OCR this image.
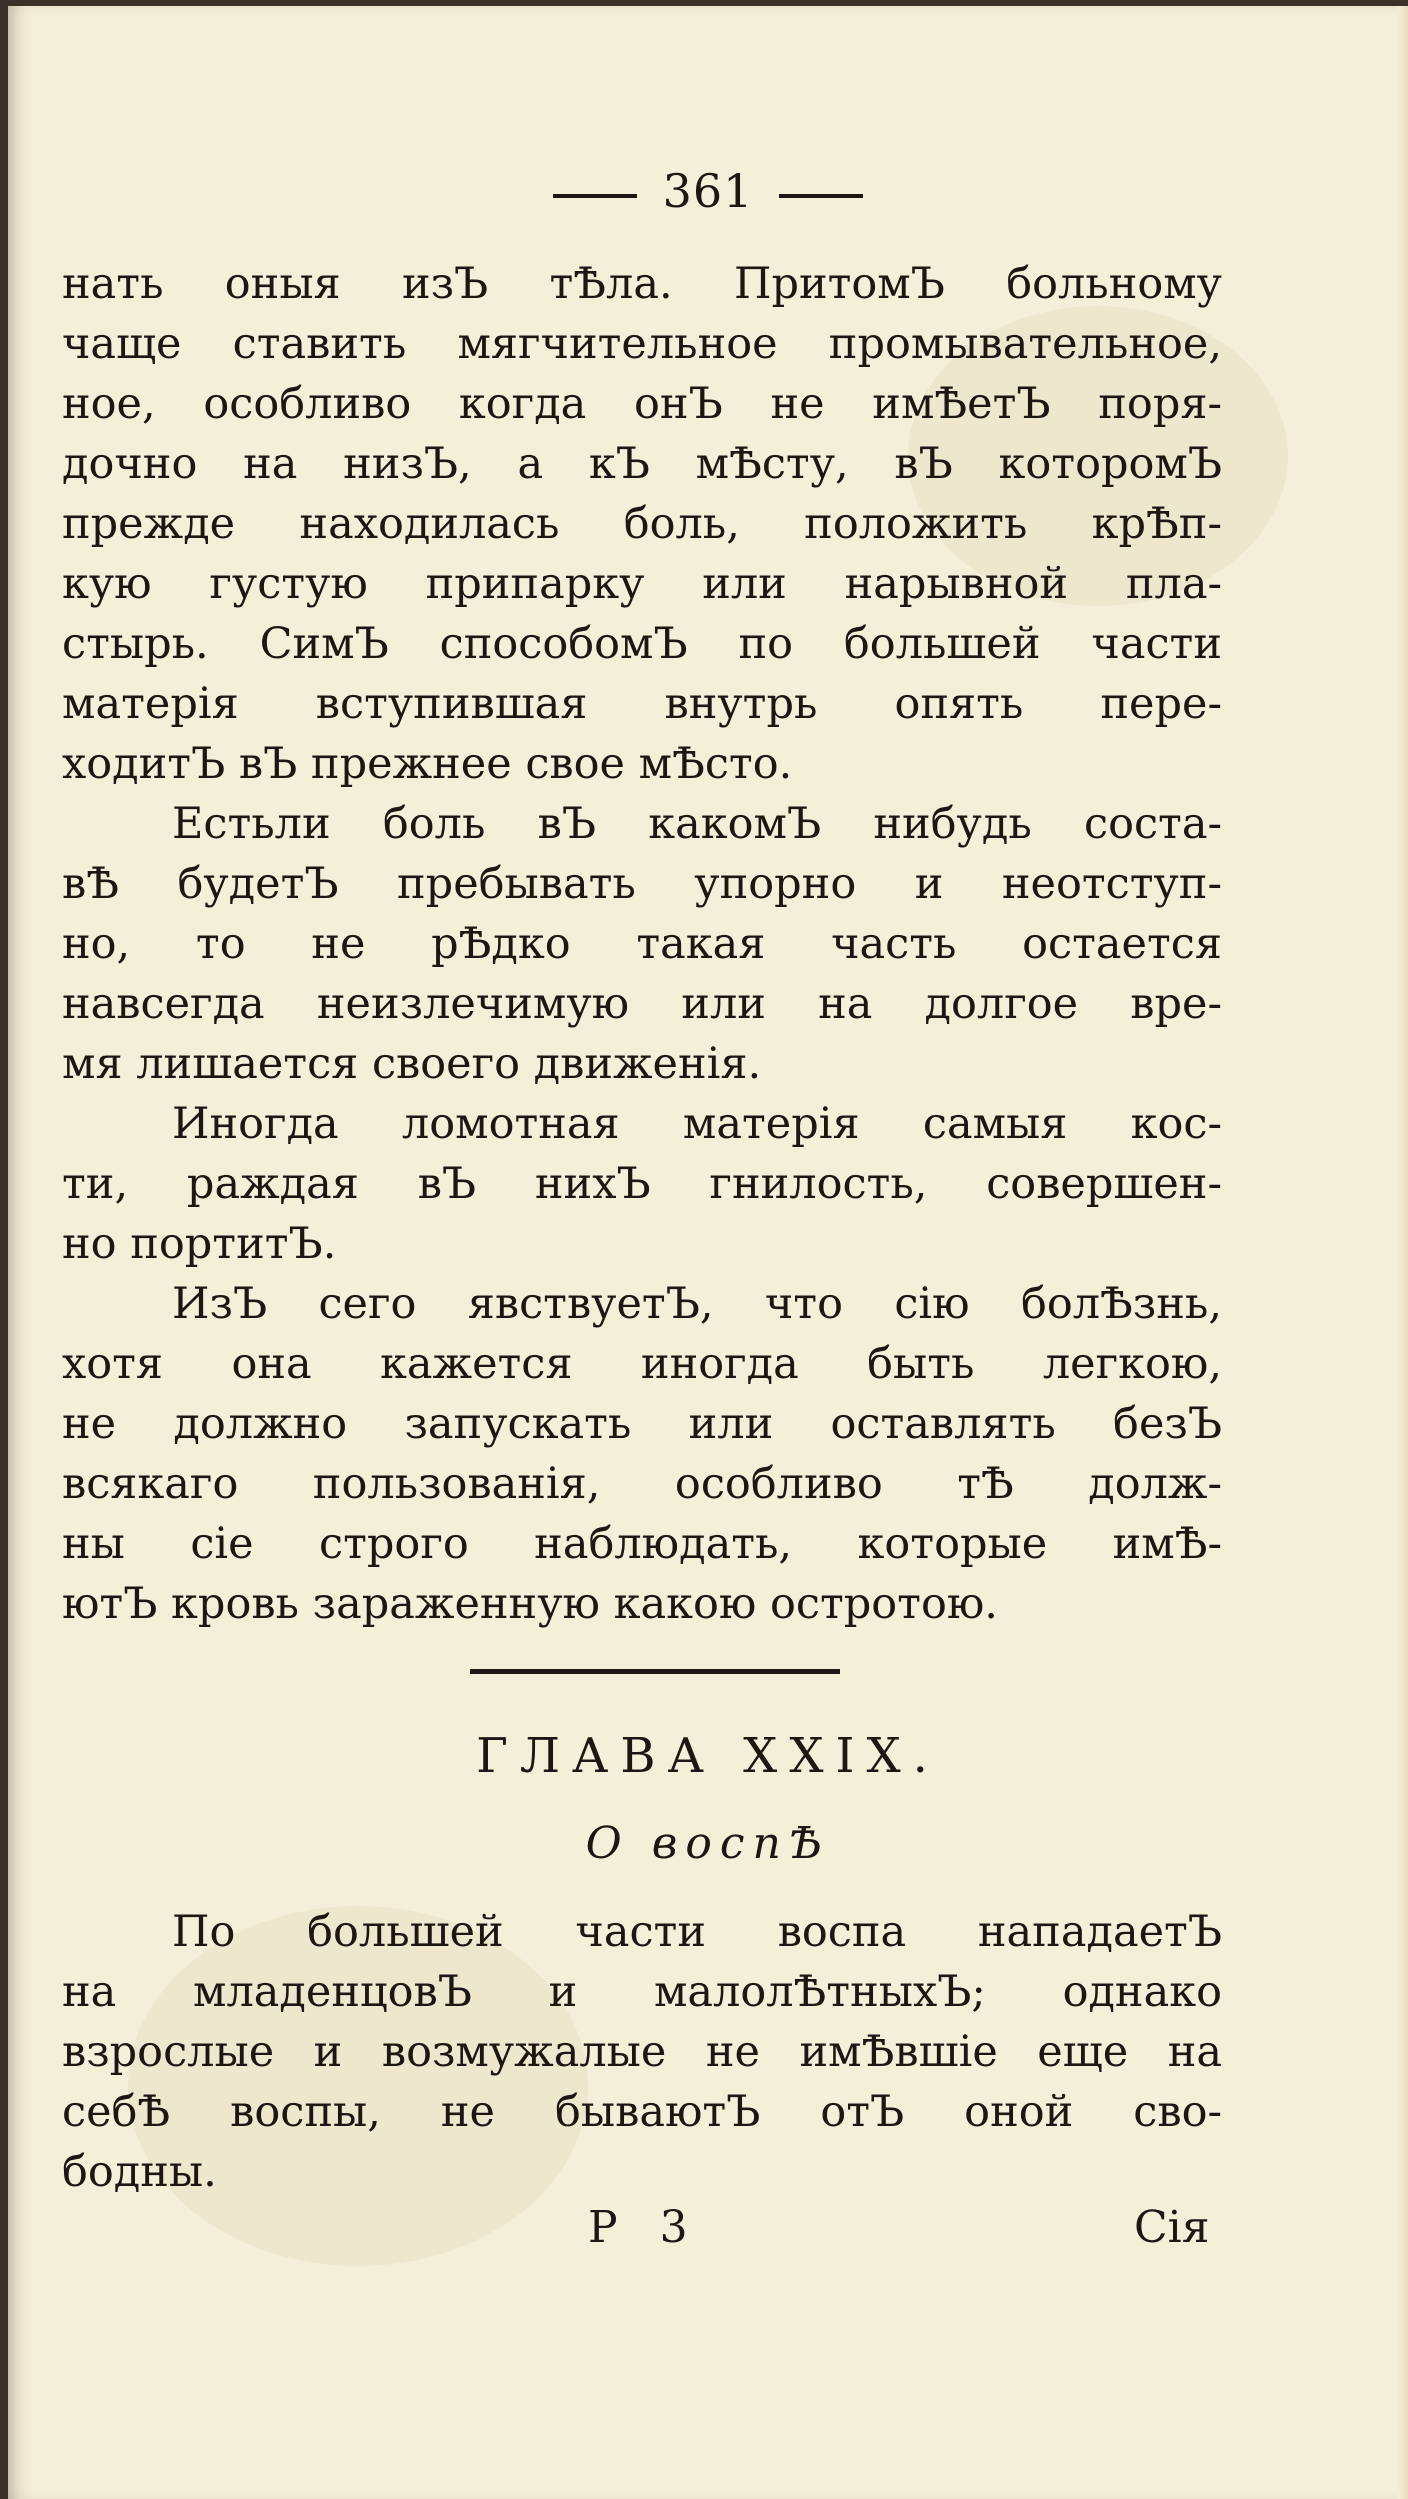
361
нать оныя изЪ тѢла. ПритомЪ больному
чаще ставить мягчительное промывательное,
ное, особливо когда онЪ не имѢетЪ поря-
дочно на низЪ, а кЪ мѢсту, вЪ которомЪ
прежде находилась боль, положить крѢп-
кую густую припарку или нарывной пла-
стырь. СимЪ способомЪ по большей части
матерія вступившая внутрь опять пере-
ходитЪ вЪ прежнее свое мѢсто.
Естьли боль вЪ какомЪ нибудь соста-
вѢ будетЪ пребывать упорно и неотступ-
но, то не рѢдко такая часть остается
навсегда неизлечимую или на долгое вре-
мя лишается своего движенія.
Иногда ломотная матерія самыя кос-
ти, раждая вЪ нихЪ гнилость, совершен-
но портитЪ.
ИзЪ сего явствуетЪ, что сію болѢзнь,
хотя она кажется иногда быть легкою,
не должно запускать или оставлять безЪ
всякаго пользованія, особливо тѢ долж-
ны сіе строго наблюдать, которые имѢ-
ютЪ кровь зараженную какою остротою.
ГЛАВА XXIX.
О воспѢ
По большей части воспа нападаетЪ
на младенцовЪ и малолѢтныхЪ; однако
взрослые и возмужалые не имѢвшіе еще на
себѢ воспы, не бываютЪ отЪ оной сво-
бодны.
Р 3	Сія
